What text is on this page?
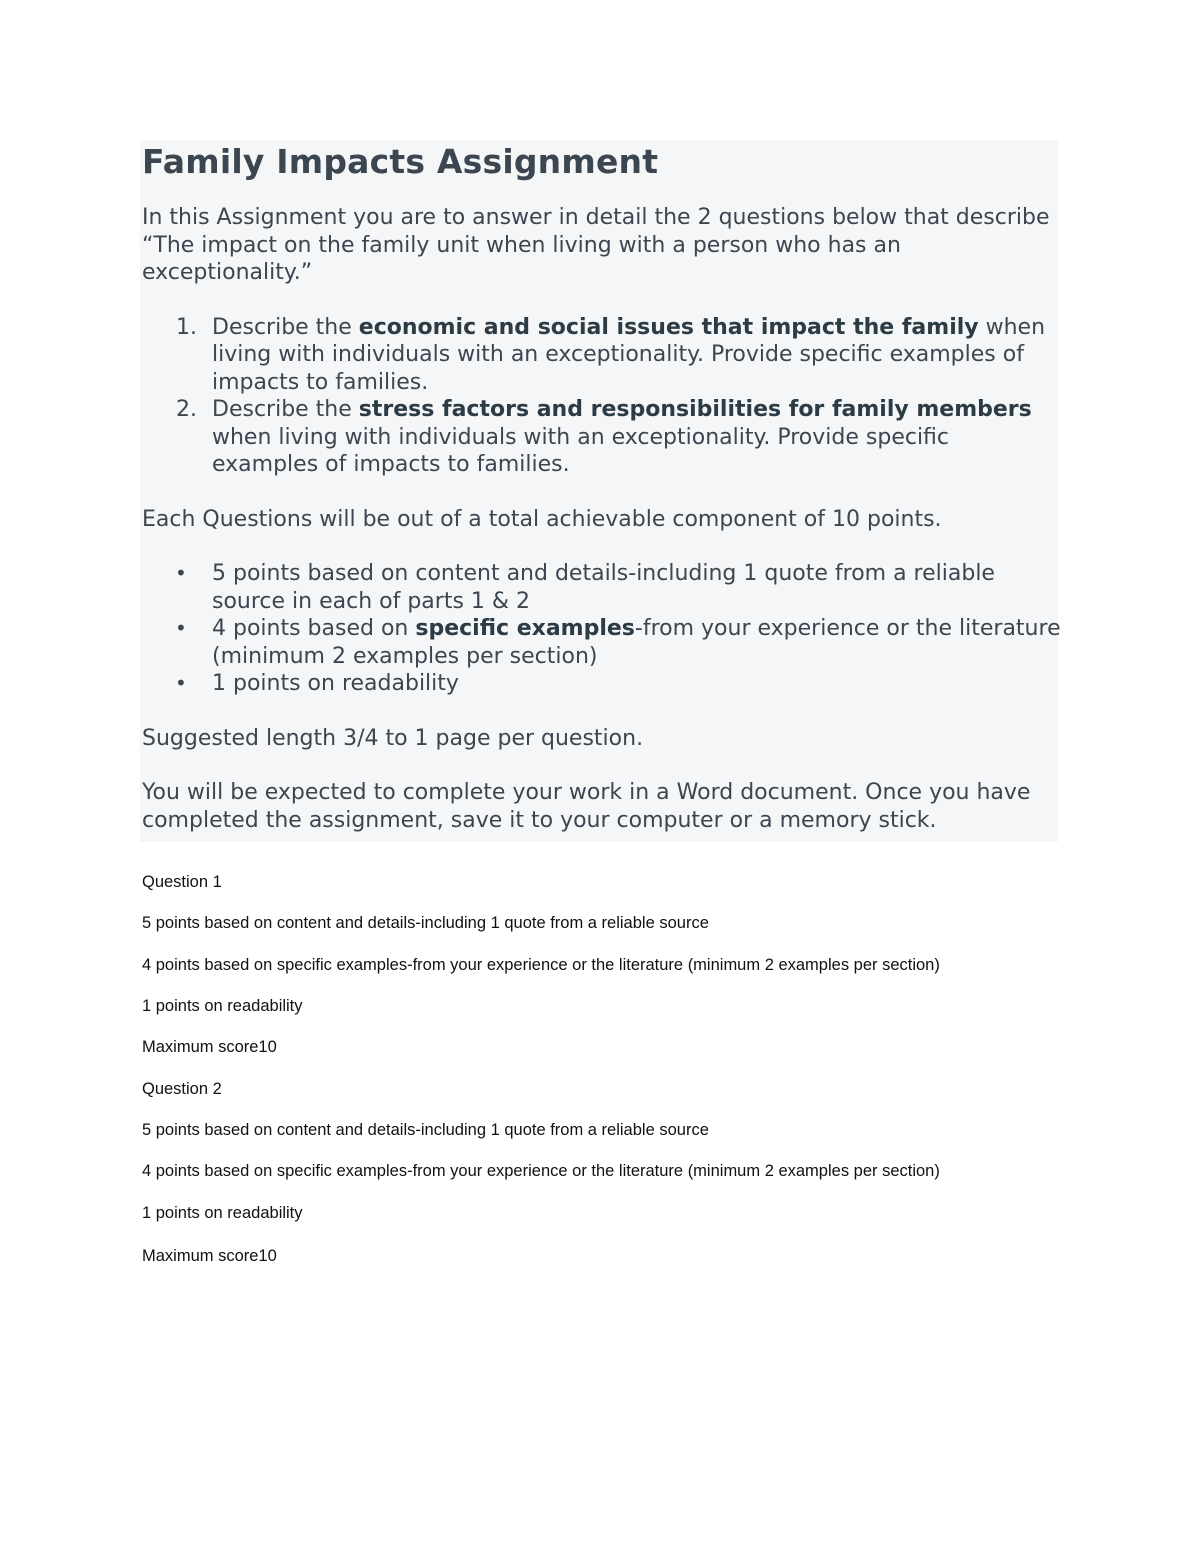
Family Impacts Assignment

In this Assignment you are to answer in detail the 2 questions below that describe “The impact on the family unit when living with a person who has an exceptionality.”

1. Describe the economic and social issues that impact the family when living with individuals with an exceptionality. Provide specific examples of impacts to families.
2. Describe the stress factors and responsibilities for family members when living with individuals with an exceptionality. Provide specific examples of impacts to families.

Each Questions will be out of a total achievable component of 10 points.

• 5 points based on content and details-including 1 quote from a reliable source in each of parts 1 & 2
• 4 points based on specific examples-from your experience or the literature (minimum 2 examples per section)
• 1 points on readability

Suggested length 3/4 to 1 page per question.

You will be expected to complete your work in a Word document. Once you have completed the assignment, save it to your computer or a memory stick.

Question 1
5 points based on content and details-including 1 quote from a reliable source
4 points based on specific examples-from your experience or the literature (minimum 2 examples per section)
1 points on readability
Maximum score10
Question 2
5 points based on content and details-including 1 quote from a reliable source
4 points based on specific examples-from your experience or the literature (minimum 2 examples per section)
1 points on readability
Maximum score10
